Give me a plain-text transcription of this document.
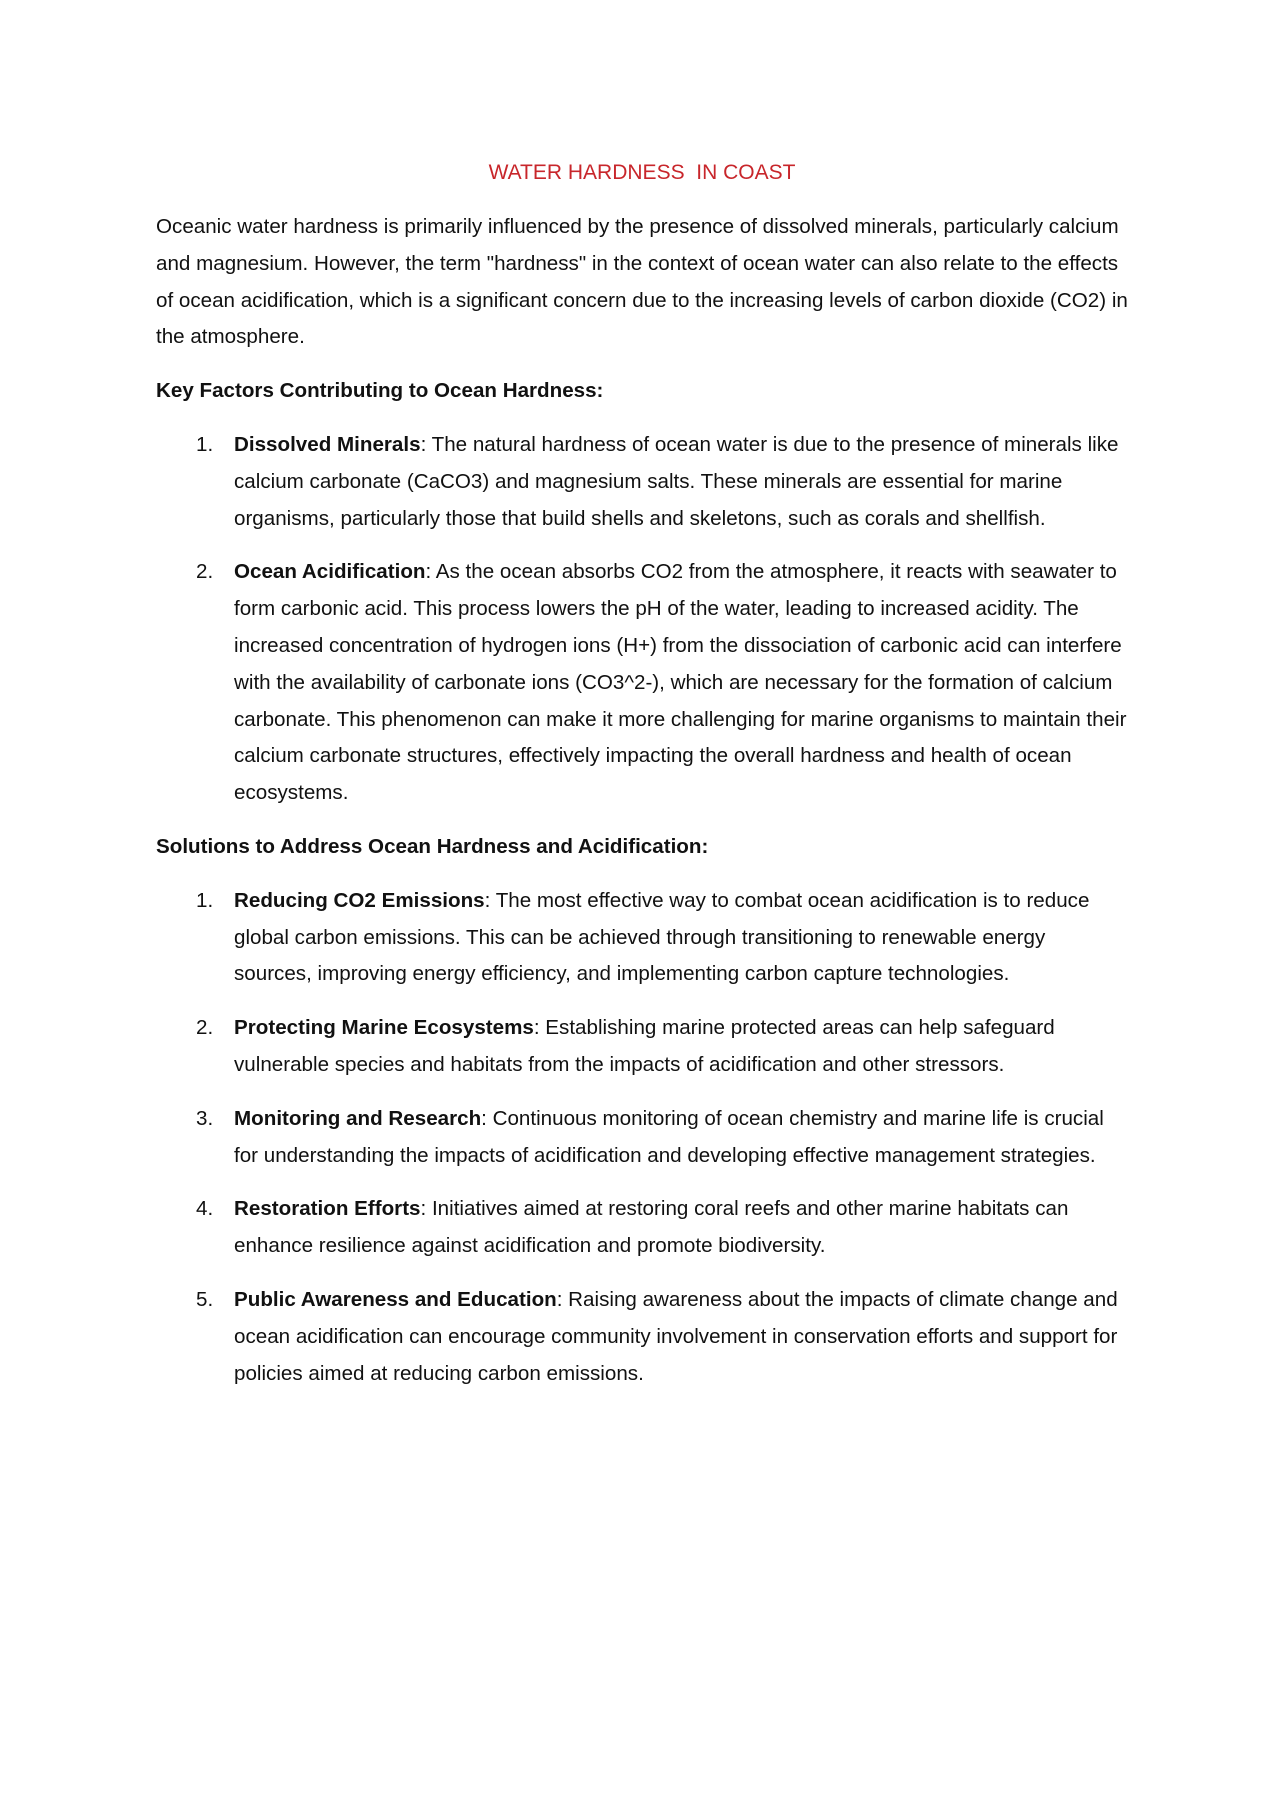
WATER HARDNESS  IN COAST

Oceanic water hardness is primarily influenced by the presence of dissolved minerals, particularly calcium and magnesium. However, the term "hardness" in the context of ocean water can also relate to the effects of ocean acidification, which is a significant concern due to the increasing levels of carbon dioxide (CO2) in the atmosphere.

Key Factors Contributing to Ocean Hardness:

1. Dissolved Minerals: The natural hardness of ocean water is due to the presence of minerals like calcium carbonate (CaCO3) and magnesium salts. These minerals are essential for marine organisms, particularly those that build shells and skeletons, such as corals and shellfish.
2. Ocean Acidification: As the ocean absorbs CO2 from the atmosphere, it reacts with seawater to form carbonic acid. This process lowers the pH of the water, leading to increased acidity. The increased concentration of hydrogen ions (H+) from the dissociation of carbonic acid can interfere with the availability of carbonate ions (CO3^2-), which are necessary for the formation of calcium carbonate. This phenomenon can make it more challenging for marine organisms to maintain their calcium carbonate structures, effectively impacting the overall hardness and health of ocean ecosystems.

Solutions to Address Ocean Hardness and Acidification:

1. Reducing CO2 Emissions: The most effective way to combat ocean acidification is to reduce global carbon emissions. This can be achieved through transitioning to renewable energy sources, improving energy efficiency, and implementing carbon capture technologies.
2. Protecting Marine Ecosystems: Establishing marine protected areas can help safeguard vulnerable species and habitats from the impacts of acidification and other stressors.
3. Monitoring and Research: Continuous monitoring of ocean chemistry and marine life is crucial for understanding the impacts of acidification and developing effective management strategies.
4. Restoration Efforts: Initiatives aimed at restoring coral reefs and other marine habitats can enhance resilience against acidification and promote biodiversity.
5. Public Awareness and Education: Raising awareness about the impacts of climate change and ocean acidification can encourage community involvement in conservation efforts and support for policies aimed at reducing carbon emissions.
